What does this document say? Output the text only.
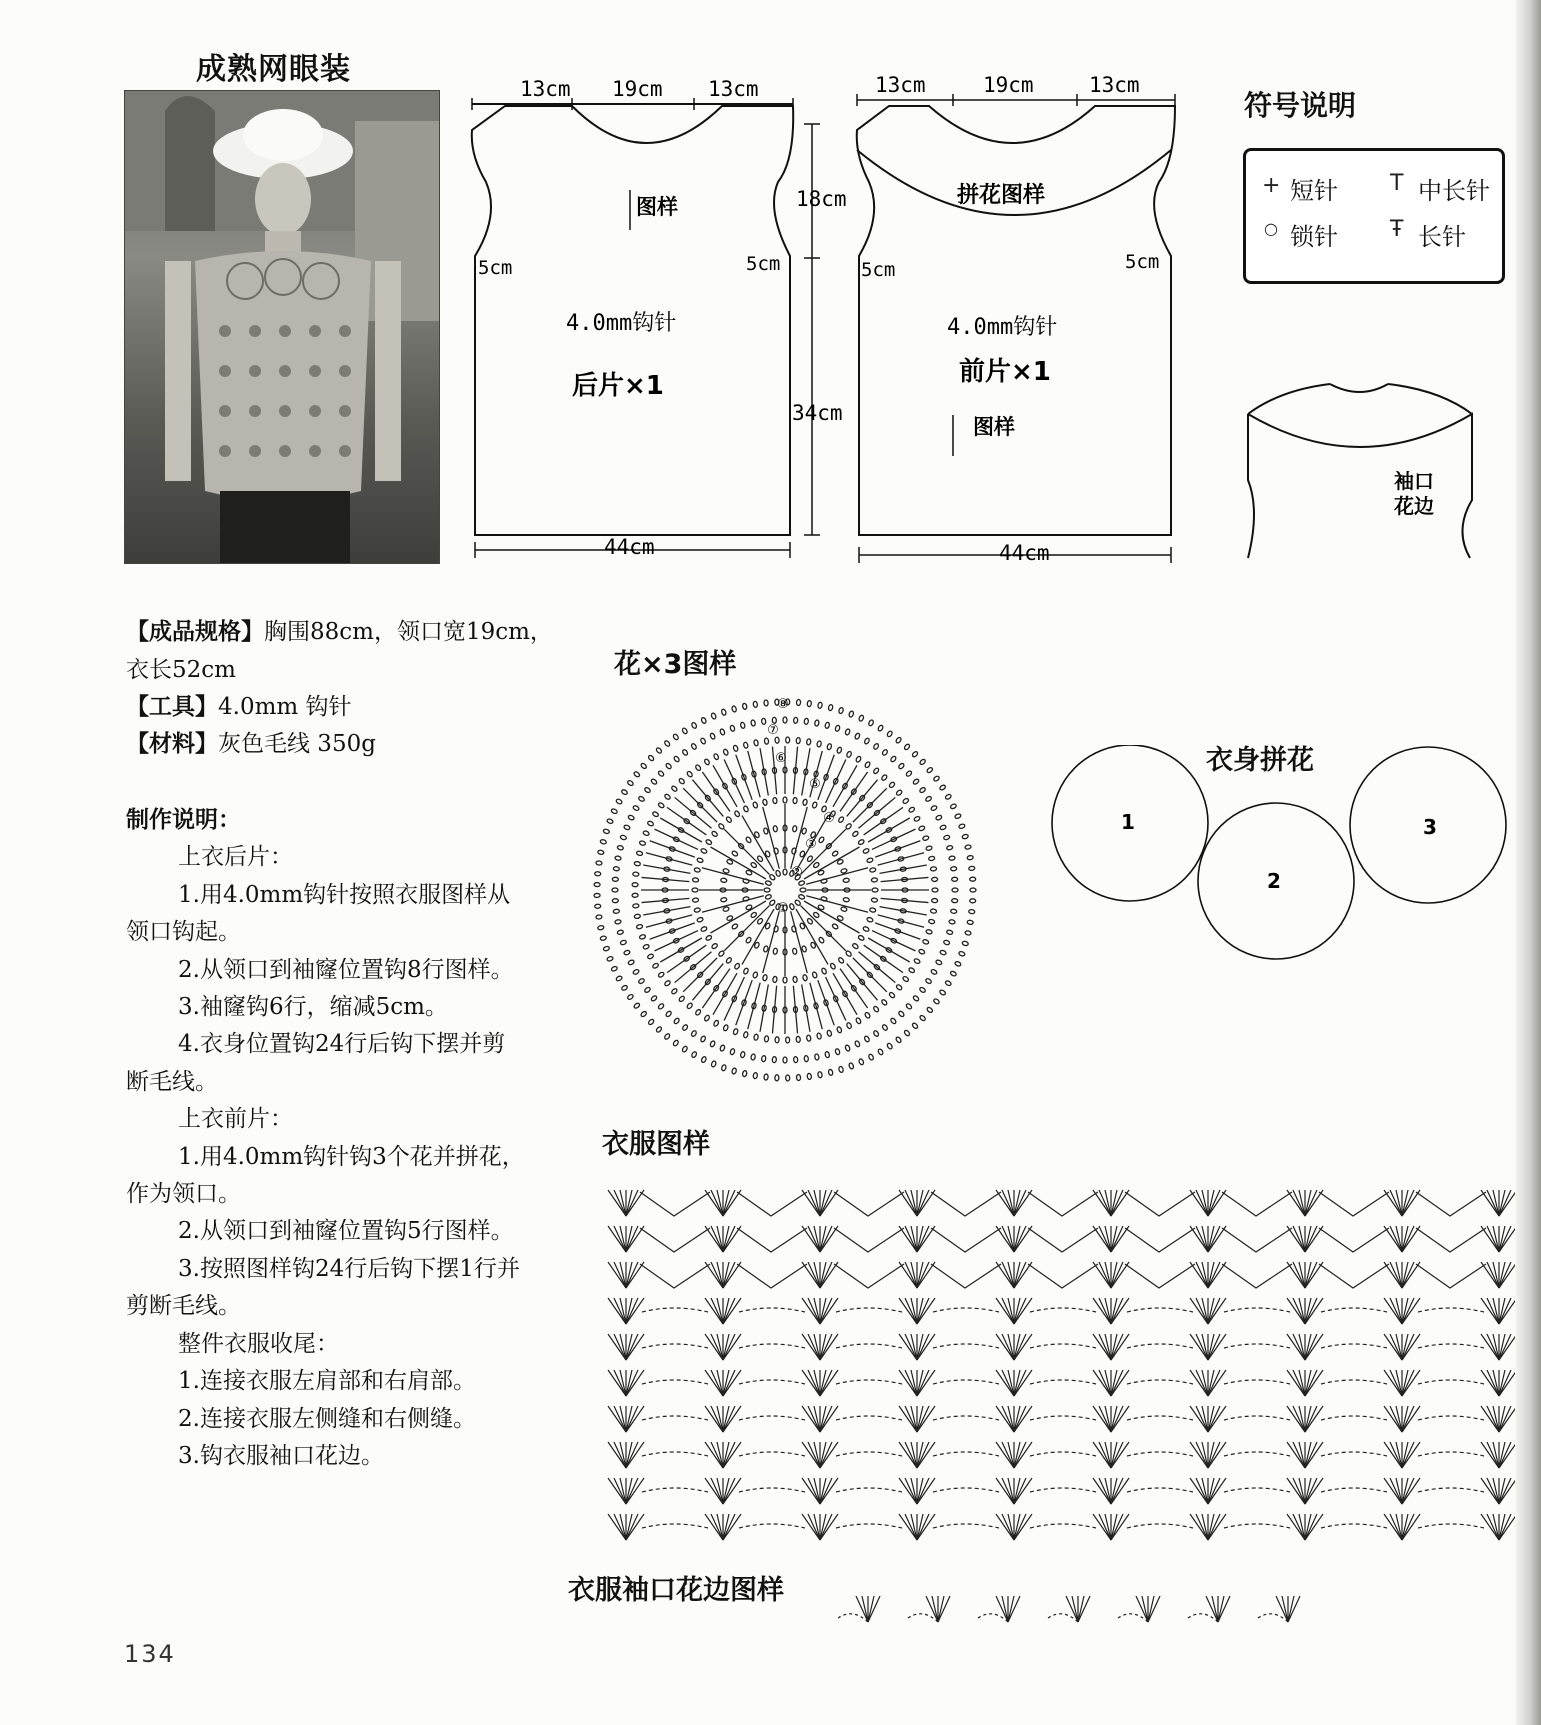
成熟网眼装
13cm 19cm 13cm
18cm
34cm
5cm	5cm
图样
4.0mm钩针
后片×1
44cm
13cm	19cm	13cm
拼花图样
5cm	5cm
4.0mm钩针
前片×1
图样
44cm
符号说明
+ 短针 T 中长针
○ 锁针 Ŧ 长针
袖口
花边
【成品规格】胸围88cm，领口宽19cm，
衣长52cm
【工具】4.0mm 钩针
【材料】灰色毛线 350g
制作说明：
上衣后片：
1.用4.0mm钩针按照衣服图样从
领口钩起。
2.从领口到袖窿位置钩8行图样。
3.袖窿钩6行，缩减5cm。
4.衣身位置钩24行后钩下摆并剪
断毛线。
上衣前片：
1.用4.0mm钩针钩3个花并拼花，
作为领口。
2.从领口到袖窿位置钩5行图样。
3.按照图样钩24行后钩下摆1行并
剪断毛线。
整件衣服收尾：
1.连接衣服左肩部和右肩部。
2.连接衣服左侧缝和右侧缝。
3.钩衣服袖口花边。
花×3图样
①
②
③
④
⑤
⑥
⑦
⑧
衣身拼花
1
2
3
衣服图样
衣服袖口花边图样
134
